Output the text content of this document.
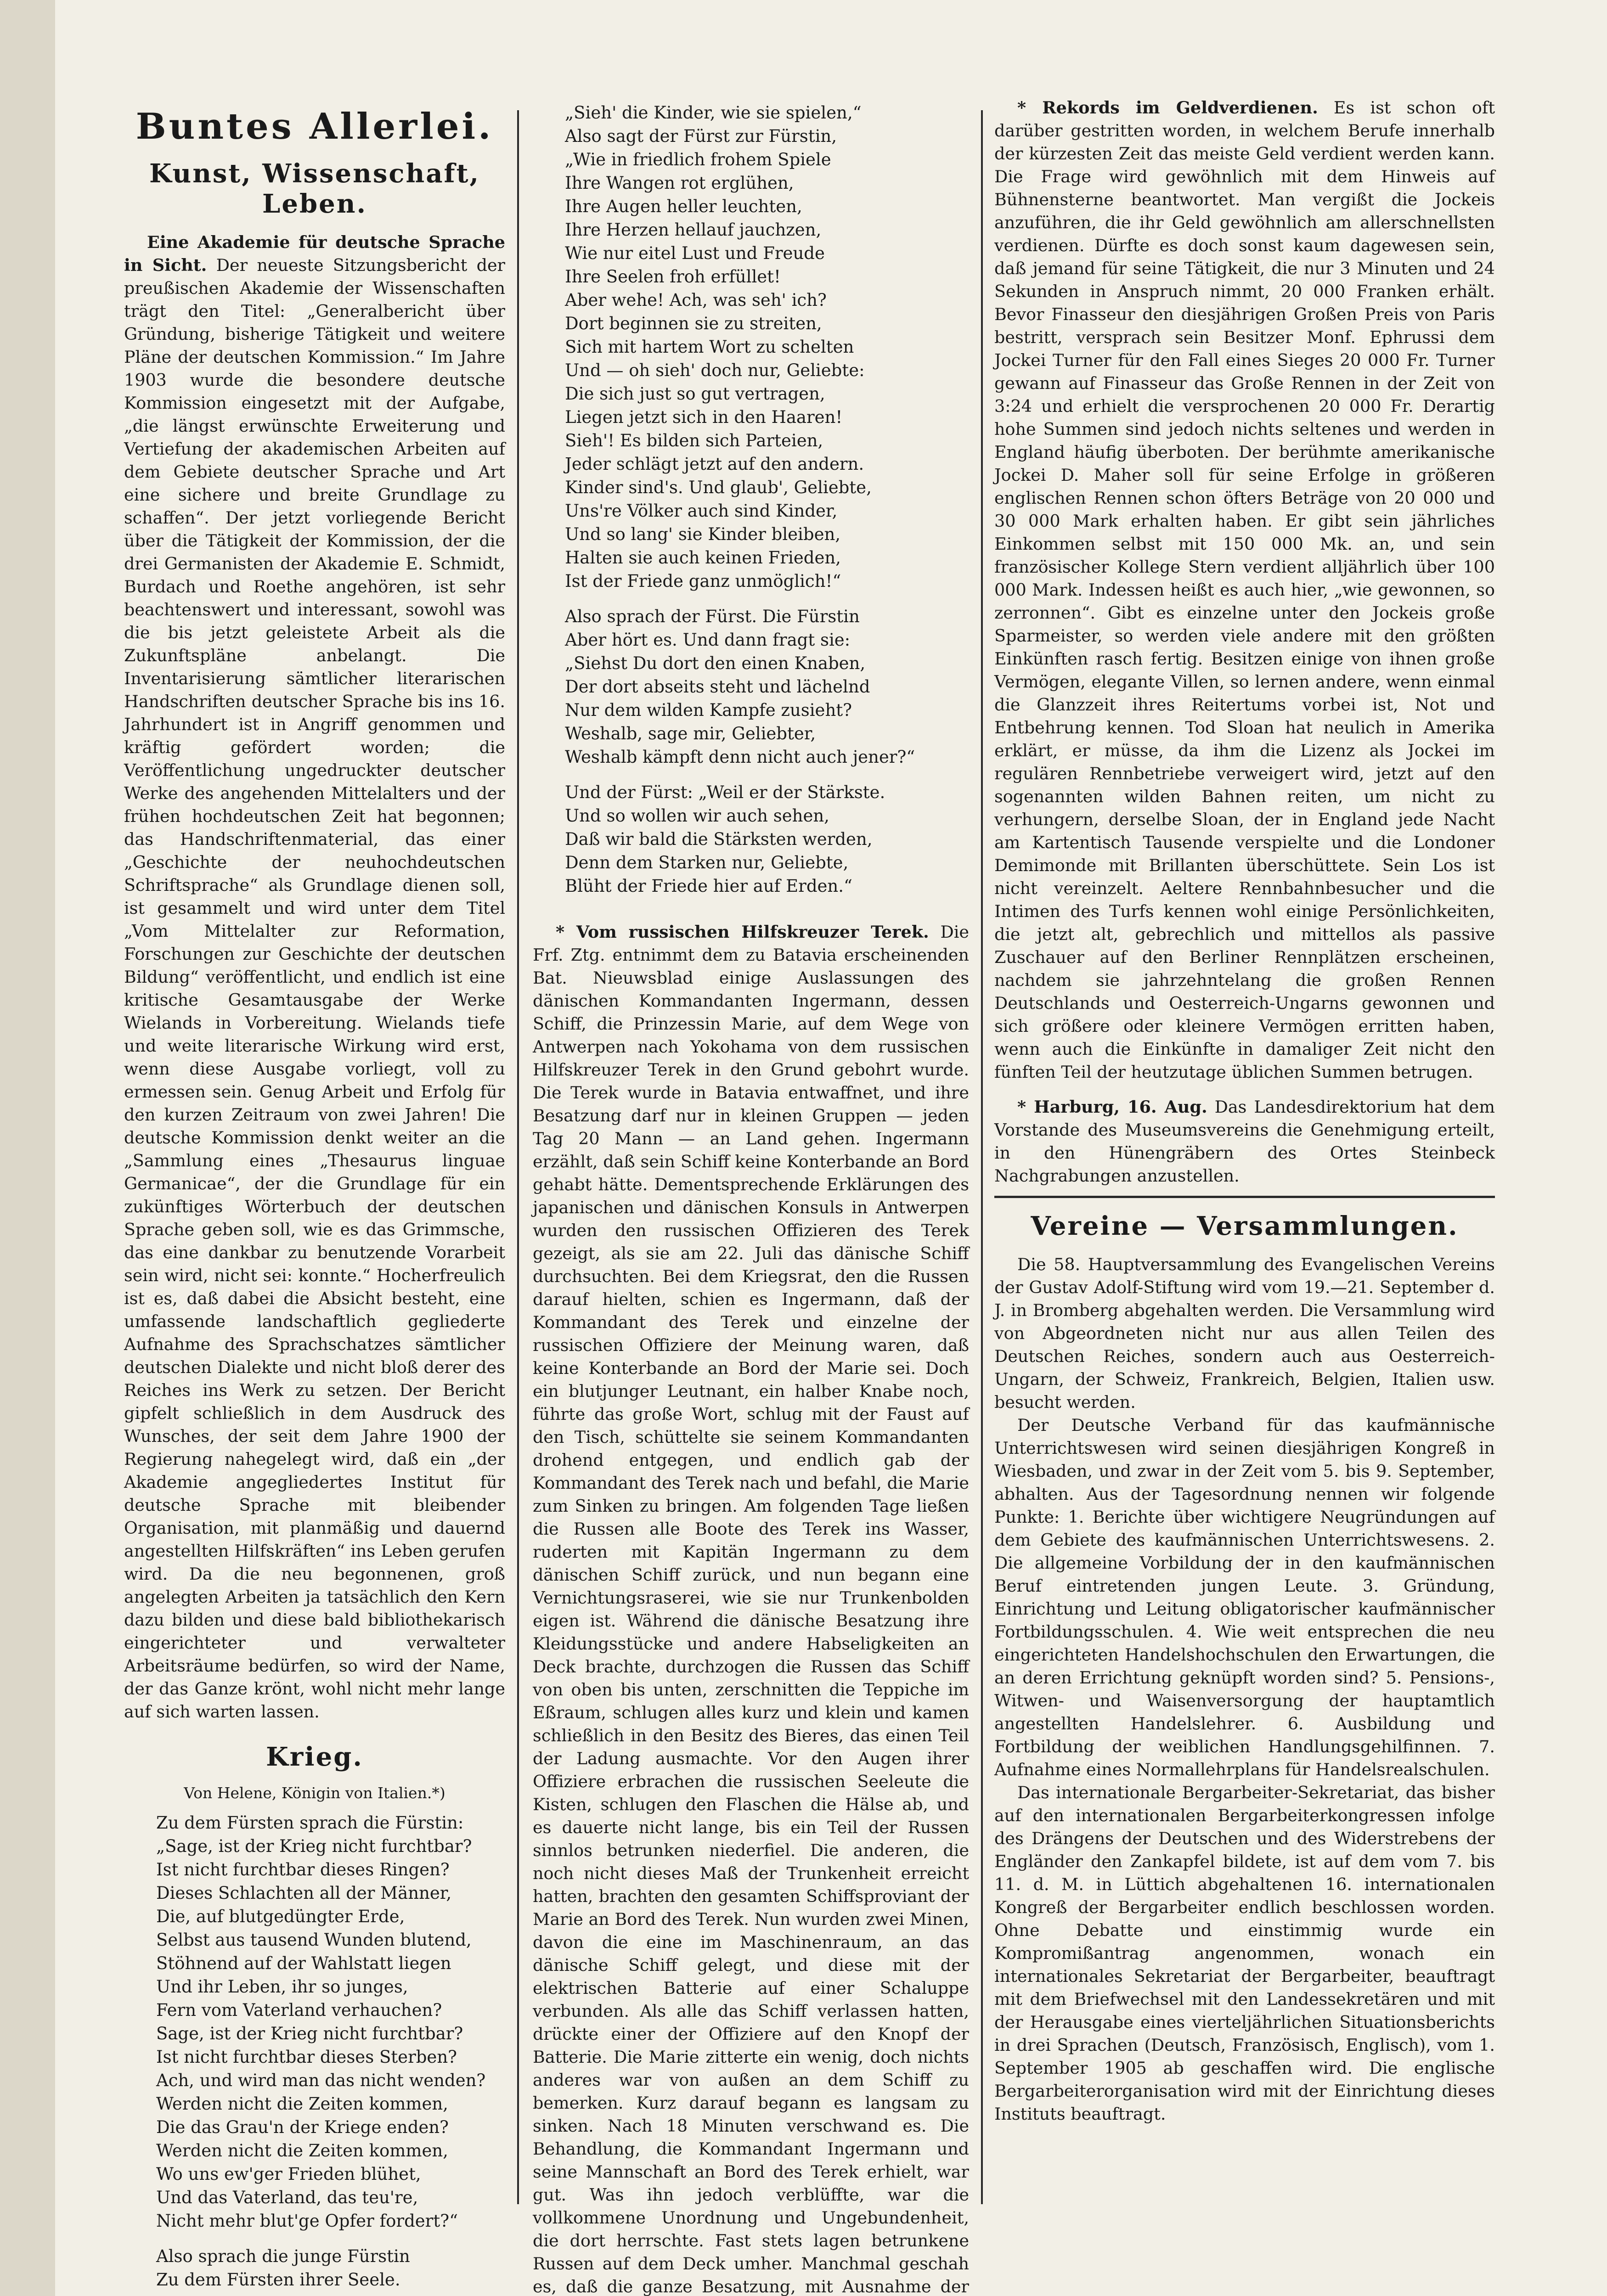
Buntes Allerlei.
Kunst, Wissenschaft, Leben.

Eine Akademie für deutsche Sprache in Sicht. Der neueste Sitzungsbericht der preußischen Akademie der Wissenschaften trägt den Titel: „Generalbericht über Gründung, bisherige Tätigkeit und weitere Pläne der deutschen Kommission.“ Im Jahre 1903 wurde die besondere deutsche Kommission eingesetzt mit der Aufgabe, „die längst erwünschte Erweiterung und Vertiefung der akademischen Arbeiten auf dem Gebiete deutscher Sprache und Art eine sichere und breite Grundlage zu schaffen“. Der jetzt vorliegende Bericht über die Tätigkeit der Kommission, der die drei Germanisten der Akademie E. Schmidt, Burdach und Roethe angehören, ist sehr beachtenswert und interessant, sowohl was die bis jetzt geleistete Arbeit als die Zukunftspläne anbelangt. Die Inventarisierung sämtlicher literarischen Handschriften deutscher Sprache bis ins 16. Jahrhundert ist in Angriff genommen und kräftig gefördert worden; die Veröffentlichung ungedruckter deutscher Werke des angehenden Mittelalters und der frühen hochdeutschen Zeit hat begonnen; das Handschriftenmaterial, das einer „Geschichte der neuhochdeutschen Schriftsprache“ als Grundlage dienen soll, ist gesammelt und wird unter dem Titel „Vom Mittelalter zur Reformation, Forschungen zur Geschichte der deutschen Bildung“ veröffentlicht, und endlich ist eine kritische Gesamtausgabe der Werke Wielands in Vorbereitung. Wielands tiefe und weite literarische Wirkung wird erst, wenn diese Ausgabe vorliegt, voll zu ermessen sein. Genug Arbeit und Erfolg für den kurzen Zeitraum von zwei Jahren! Die deutsche Kommission denkt weiter an die „Sammlung eines „Thesaurus linguae Germanicae“, der die Grundlage für ein zukünftiges Wörterbuch der deutschen Sprache geben soll, wie es das Grimmsche, das eine dankbar zu benutzende Vorarbeit sein wird, nicht sei: konnte.“ Hocherfreulich ist es, daß dabei die Absicht besteht, eine umfassende landschaftlich gegliederte Aufnahme des Sprachschatzes sämtlicher deutschen Dialekte und nicht bloß derer des Reiches ins Werk zu setzen. Der Bericht gipfelt schließlich in dem Ausdruck des Wunsches, der seit dem Jahre 1900 der Regierung nahegelegt wird, daß ein „der Akademie angegliedertes Institut für deutsche Sprache mit bleibender Organisation, mit planmäßig und dauernd angestellten Hilfskräften“ ins Leben gerufen wird. Da die neu begonnenen, groß angelegten Arbeiten ja tatsächlich den Kern dazu bilden und diese bald bibliothekarisch eingerichteter und verwalteter Arbeitsräume bedürfen, so wird der Name, der das Ganze krönt, wohl nicht mehr lange auf sich warten lassen.

Krieg.
Von Helene, Königin von Italien.*)
Zu dem Fürsten sprach die Fürstin:
„Sage, ist der Krieg nicht furchtbar?
Ist nicht furchtbar dieses Ringen?
Dieses Schlachten all der Männer,
Die, auf blutgedüngter Erde,
Selbst aus tausend Wunden blutend,
Stöhnend auf der Wahlstatt liegen
Und ihr Leben, ihr so junges,
Fern vom Vaterland verhauchen?
Sage, ist der Krieg nicht furchtbar?
Ist nicht furchtbar dieses Sterben?
Ach, und wird man das nicht wenden?
Werden nicht die Zeiten kommen,
Die das Grau'n der Kriege enden?
Werden nicht die Zeiten kommen,
Wo uns ew'ger Frieden blühet,
Und das Vaterland, das teu're,
Nicht mehr blut'ge Opfer fordert?“
Also sprach die junge Fürstin
Zu dem Fürsten ihrer Seele.
„Sieh' die Kinder, wie sie spielen,“
Also sagt der Fürst zur Fürstin,
„Wie in friedlich frohem Spiele
Ihre Wangen rot erglühen,
Ihre Augen heller leuchten,
Ihre Herzen hellauf jauchzen,
Wie nur eitel Lust und Freude
Ihre Seelen froh erfüllet!
Aber wehe! Ach, was seh' ich?
Dort beginnen sie zu streiten,
Sich mit hartem Wort zu schelten
Und — oh sieh' doch nur, Geliebte:
Die sich just so gut vertragen,
Liegen jetzt sich in den Haaren!
Sieh'! Es bilden sich Parteien,
Jeder schlägt jetzt auf den andern.
Kinder sind's. Und glaub', Geliebte,
Uns're Völker auch sind Kinder,
Und so lang' sie Kinder bleiben,
Halten sie auch keinen Frieden,
Ist der Friede ganz unmöglich!“
Also sprach der Fürst. Die Fürstin
Aber hört es. Und dann fragt sie:
„Siehst Du dort den einen Knaben,
Der dort abseits steht und lächelnd
Nur dem wilden Kampfe zusieht?
Weshalb, sage mir, Geliebter,
Weshalb kämpft denn nicht auch jener?“
Und der Fürst: „Weil er der Stärkste.
Und so wollen wir auch sehen,
Daß wir bald die Stärksten werden,
Denn dem Starken nur, Geliebte,
Blüht der Friede hier auf Erden.“

* Vom russischen Hilfskreuzer Terek. Die Frf. Ztg. entnimmt dem zu Batavia erscheinenden Bat. Nieuwsblad einige Auslassungen des dänischen Kommandanten Ingermann, dessen Schiff, die Prinzessin Marie, auf dem Wege von Antwerpen nach Yokohama von dem russischen Hilfskreuzer Terek in den Grund gebohrt wurde. Die Terek wurde in Batavia entwaffnet, und ihre Besatzung darf nur in kleinen Gruppen — jeden Tag 20 Mann — an Land gehen. Ingermann erzählt, daß sein Schiff keine Konterbande an Bord gehabt hätte. Dementsprechende Erklärungen des japanischen und dänischen Konsuls in Antwerpen wurden den russischen Offizieren des Terek gezeigt, als sie am 22. Juli das dänische Schiff durchsuchten. Bei dem Kriegsrat, den die Russen darauf hielten, schien es Ingermann, daß der Kommandant des Terek und einzelne der russischen Offiziere der Meinung waren, daß keine Konterbande an Bord der Marie sei. Doch ein blutjunger Leutnant, ein halber Knabe noch, führte das große Wort, schlug mit der Faust auf den Tisch, schüttelte sie seinem Kommandanten drohend entgegen, und endlich gab der Kommandant des Terek nach und befahl, die Marie zum Sinken zu bringen. Am folgenden Tage ließen die Russen alle Boote des Terek ins Wasser, ruderten mit Kapitän Ingermann zu dem dänischen Schiff zurück, und nun begann eine Vernichtungsraserei, wie sie nur Trunkenbolden eigen ist. Während die dänische Besatzung ihre Kleidungsstücke und andere Habseligkeiten an Deck brachte, durchzogen die Russen das Schiff von oben bis unten, zerschnitten die Teppiche im Eßraum, schlugen alles kurz und klein und kamen schließlich in den Besitz des Bieres, das einen Teil der Ladung ausmachte. Vor den Augen ihrer Offiziere erbrachen die russischen Seeleute die Kisten, schlugen den Flaschen die Hälse ab, und es dauerte nicht lange, bis ein Teil der Russen sinnlos betrunken niederfiel. Die anderen, die noch nicht dieses Maß der Trunkenheit erreicht hatten, brachten den gesamten Schiffsproviant der Marie an Bord des Terek. Nun wurden zwei Minen, davon die eine im Maschinenraum, an das dänische Schiff gelegt, und diese mit der elektrischen Batterie auf einer Schaluppe verbunden. Als alle das Schiff verlassen hatten, drückte einer der Offiziere auf den Knopf der Batterie. Die Marie zitterte ein wenig, doch nichts anderes war von außen an dem Schiff zu bemerken. Kurz darauf begann es langsam zu sinken. Nach 18 Minuten verschwand es. Die Behandlung, die Kommandant Ingermann und seine Mannschaft an Bord des Terek erhielt, war gut. Was ihn jedoch verblüffte, war die vollkommene Unordnung und Ungebundenheit, die dort herrschte. Fast stets lagen betrunkene Russen auf dem Deck umher. Manchmal geschah es, daß die ganze Besatzung, mit Ausnahme der

* Rekords im Geldverdienen. Es ist schon oft darüber gestritten worden, in welchem Berufe innerhalb der kürzesten Zeit das meiste Geld verdient werden kann. Die Frage wird gewöhnlich mit dem Hinweis auf Bühnensterne beantwortet. Man vergißt die Jockeis anzuführen, die ihr Geld gewöhnlich am allerschnellsten verdienen. Dürfte es doch sonst kaum dagewesen sein, daß jemand für seine Tätigkeit, die nur 3 Minuten und 24 Sekunden in Anspruch nimmt, 20 000 Franken erhält. Bevor Finasseur den diesjährigen Großen Preis von Paris bestritt, versprach sein Besitzer Monf. Ephrussi dem Jockei Turner für den Fall eines Sieges 20 000 Fr. Turner gewann auf Finasseur das Große Rennen in der Zeit von 3:24 und erhielt die versprochenen 20 000 Fr. Derartig hohe Summen sind jedoch nichts seltenes und werden in England häufig überboten. Der berühmte amerikanische Jockei D. Maher soll für seine Erfolge in größeren englischen Rennen schon öfters Beträge von 20 000 und 30 000 Mark erhalten haben. Er gibt sein jährliches Einkommen selbst mit 150 000 Mk. an, und sein französischer Kollege Stern verdient alljährlich über 100 000 Mark. Indessen heißt es auch hier, „wie gewonnen, so zerronnen“. Gibt es einzelne unter den Jockeis große Sparmeister, so werden viele andere mit den größten Einkünften rasch fertig. Besitzen einige von ihnen große Vermögen, elegante Villen, so lernen andere, wenn einmal die Glanzzeit ihres Reitertums vorbei ist, Not und Entbehrung kennen. Tod Sloan hat neulich in Amerika erklärt, er müsse, da ihm die Lizenz als Jockei im regulären Rennbetriebe verweigert wird, jetzt auf den sogenannten wilden Bahnen reiten, um nicht zu verhungern, derselbe Sloan, der in England jede Nacht am Kartentisch Tausende verspielte und die Londoner Demimonde mit Brillanten überschüttete. Sein Los ist nicht vereinzelt. Aeltere Rennbahnbesucher und die Intimen des Turfs kennen wohl einige Persönlichkeiten, die jetzt alt, gebrechlich und mittellos als passive Zuschauer auf den Berliner Rennplätzen erscheinen, nachdem sie jahrzehntelang die großen Rennen Deutschlands und Oesterreich-Ungarns gewonnen und sich größere oder kleinere Vermögen erritten haben, wenn auch die Einkünfte in damaliger Zeit nicht den fünften Teil der heutzutage üblichen Summen betrugen.

* Harburg, 16. Aug. Das Landesdirektorium hat dem Vorstande des Museumsvereins die Genehmigung erteilt, in den Hünengräbern des Ortes Steinbeck Nachgrabungen anzustellen.

Vereine — Versammlungen.

Die 58. Hauptversammlung des Evangelischen Vereins der Gustav Adolf-Stiftung wird vom 19.—21. September d. J. in Bromberg abgehalten werden. Die Versammlung wird von Abgeordneten nicht nur aus allen Teilen des Deutschen Reiches, sondern auch aus Oesterreich-Ungarn, der Schweiz, Frankreich, Belgien, Italien usw. besucht werden.

Der Deutsche Verband für das kaufmännische Unterrichtswesen wird seinen diesjährigen Kongreß in Wiesbaden, und zwar in der Zeit vom 5. bis 9. September, abhalten. Aus der Tagesordnung nennen wir folgende Punkte: 1. Berichte über wichtigere Neugründungen auf dem Gebiete des kaufmännischen Unterrichtswesens. 2. Die allgemeine Vorbildung der in den kaufmännischen Beruf eintretenden jungen Leute. 3. Gründung, Einrichtung und Leitung obligatorischer kaufmännischer Fortbildungsschulen. 4. Wie weit entsprechen die neu eingerichteten Handelshochschulen den Erwartungen, die an deren Errichtung geknüpft worden sind? 5. Pensions-, Witwen- und Waisenversorgung der hauptamtlich angestellten Handelslehrer. 6. Ausbildung und Fortbildung der weiblichen Handlungsgehilfinnen. 7. Aufnahme eines Normallehrplans für Handelsrealschulen.

Das internationale Bergarbeiter-Sekretariat, das bisher auf den internationalen Bergarbeiterkongressen infolge des Drängens der Deutschen und des Widerstrebens der Engländer den Zankapfel bildete, ist auf dem vom 7. bis 11. d. M. in Lüttich abgehaltenen 16. internationalen Kongreß der Bergarbeiter endlich beschlossen worden. Ohne Debatte und einstimmig wurde ein Kompromißantrag angenommen, wonach ein internationales Sekretariat der Bergarbeiter, beauftragt mit dem Briefwechsel mit den Landessekretären und mit der Herausgabe eines vierteljährlichen Situationsberichts in drei Sprachen (Deutsch, Französisch, Englisch), vom 1. September 1905 ab geschaffen wird. Die englische Bergarbeiterorganisation wird mit der Einrichtung dieses Instituts beauftragt.
